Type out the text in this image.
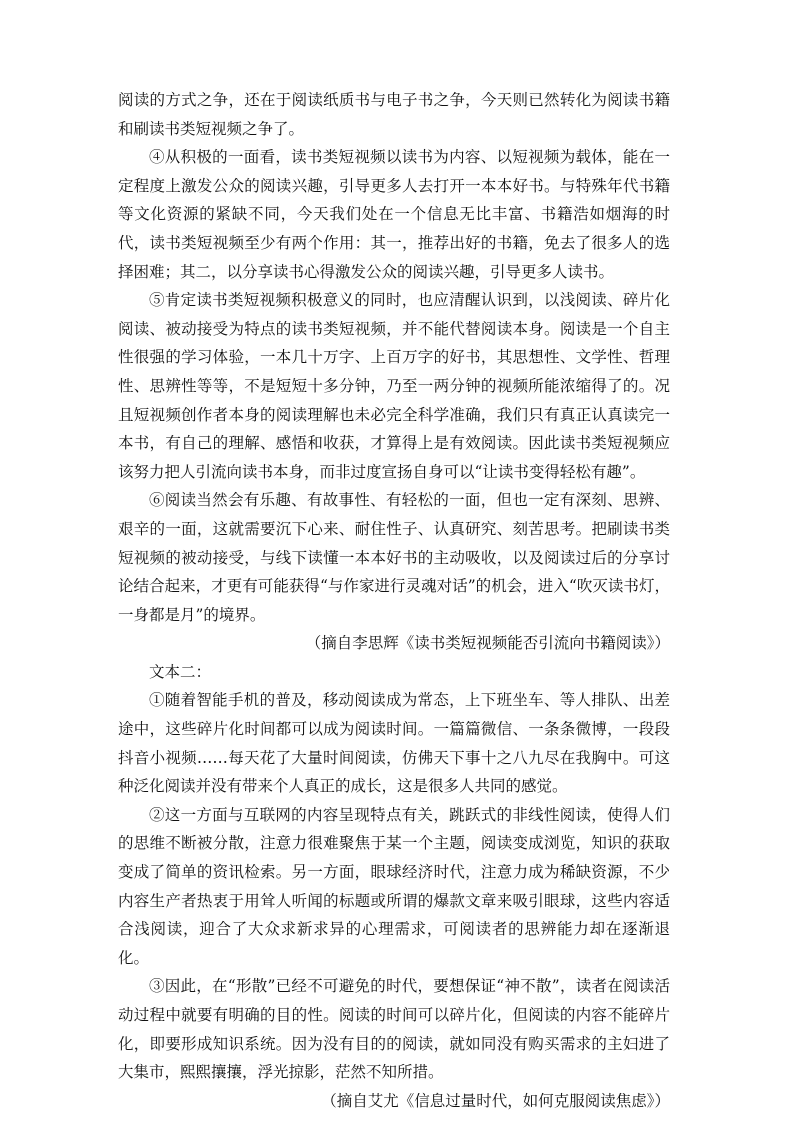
阅读的方式之争，还在于阅读纸质书与电子书之争，今天则已然转化为阅读书籍和刷读书类短视频之争了。

④从积极的一面看，读书类短视频以读书为内容、以短视频为载体，能在一定程度上激发公众的阅读兴趣，引导更多人去打开一本本好书。与特殊年代书籍等文化资源的紧缺不同，今天我们处在一个信息无比丰富、书籍浩如烟海的时代，读书类短视频至少有两个作用：其一，推荐出好的书籍，免去了很多人的选择困难；其二，以分享读书心得激发公众的阅读兴趣，引导更多人读书。

⑤肯定读书类短视频积极意义的同时，也应清醒认识到，以浅阅读、碎片化阅读、被动接受为特点的读书类短视频，并不能代替阅读本身。阅读是一个自主性很强的学习体验，一本几十万字、上百万字的好书，其思想性、文学性、哲理性、思辨性等等，不是短短十多分钟，乃至一两分钟的视频所能浓缩得了的。况且短视频创作者本身的阅读理解也未必完全科学准确，我们只有真正认真读完一本书，有自己的理解、感悟和收获，才算得上是有效阅读。因此读书类短视频应该努力把人引流向读书本身，而非过度宣扬自身可以“让读书变得轻松有趣”。

⑥阅读当然会有乐趣、有故事性、有轻松的一面，但也一定有深刻、思辨、艰辛的一面，这就需要沉下心来、耐住性子、认真研究、刻苦思考。把刷读书类短视频的被动接受，与线下读懂一本本好书的主动吸收，以及阅读过后的分享讨论结合起来，才更有可能获得“与作家进行灵魂对话”的机会，进入“吹灭读书灯，一身都是月”的境界。

（摘自李思辉《读书类短视频能否引流向书籍阅读》）

文本二：

①随着智能手机的普及，移动阅读成为常态，上下班坐车、等人排队、出差途中，这些碎片化时间都可以成为阅读时间。一篇篇微信、一条条微博，一段段抖音小视频……每天花了大量时间阅读，仿佛天下事十之八九尽在我胸中。可这种泛化阅读并没有带来个人真正的成长，这是很多人共同的感觉。

②这一方面与互联网的内容呈现特点有关，跳跃式的非线性阅读，使得人们的思维不断被分散，注意力很难聚焦于某一个主题，阅读变成浏览，知识的获取变成了简单的资讯检索。另一方面，眼球经济时代，注意力成为稀缺资源，不少内容生产者热衷于用耸人听闻的标题或所谓的爆款文章来吸引眼球，这些内容适合浅阅读，迎合了大众求新求异的心理需求，可阅读者的思辨能力却在逐渐退化。

③因此，在“形散”已经不可避免的时代，要想保证“神不散”，读者在阅读活动过程中就要有明确的目的性。阅读的时间可以碎片化，但阅读的内容不能碎片化，即要形成知识系统。因为没有目的的阅读，就如同没有购买需求的主妇进了大集市，熙熙攘攘，浮光掠影，茫然不知所措。

（摘自艾尤《信息过量时代，如何克服阅读焦虑》）
